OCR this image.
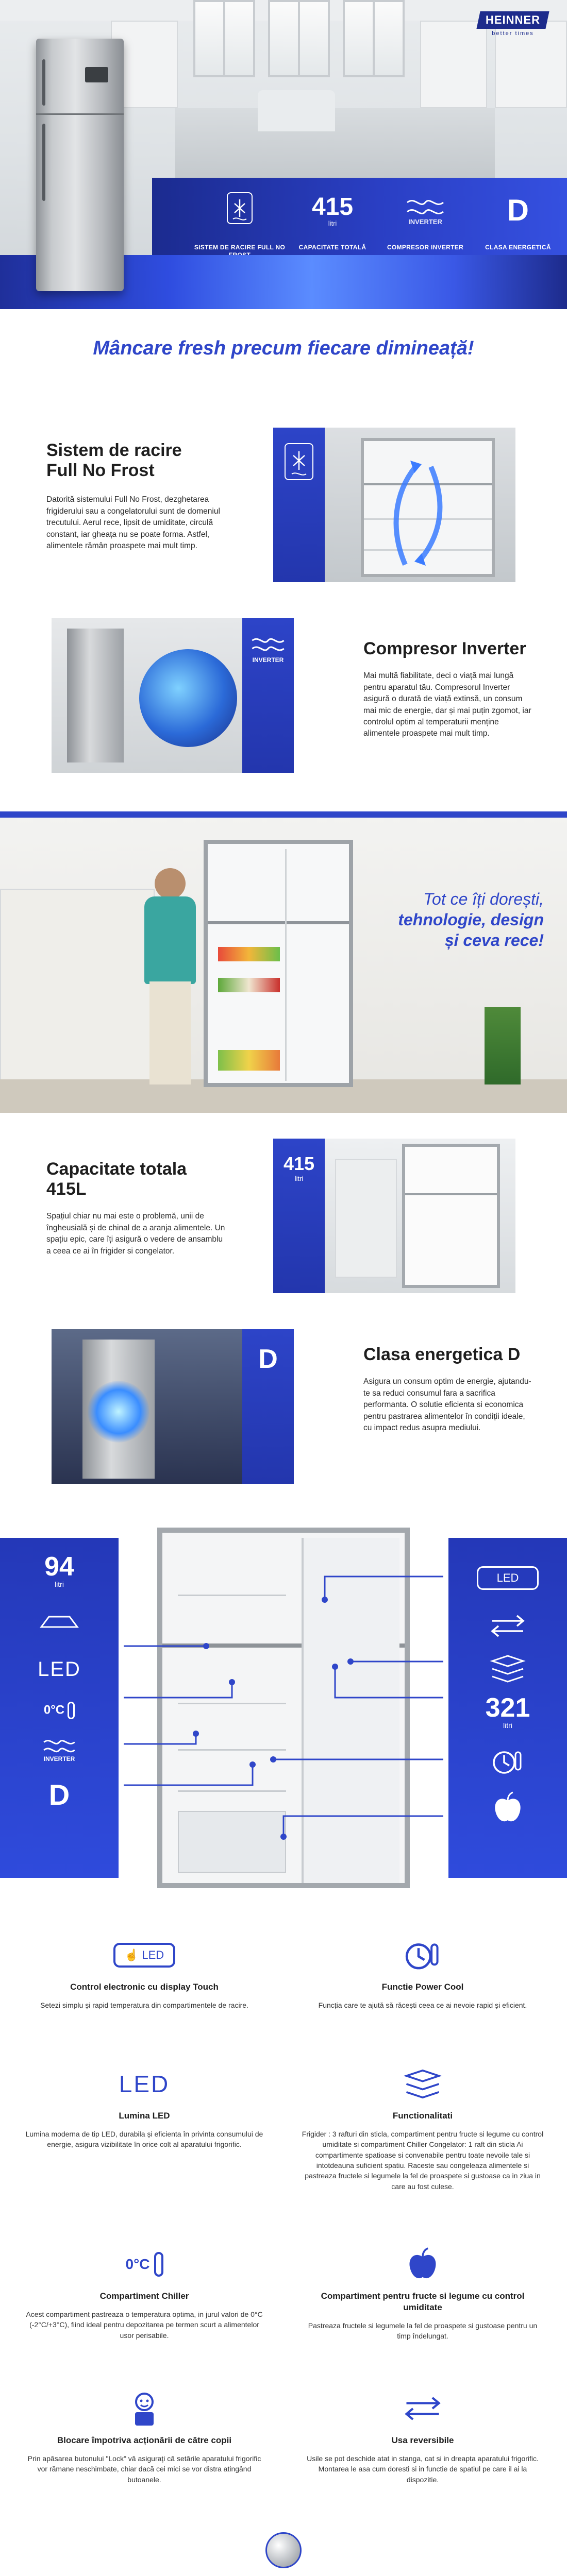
HEINNER
better times
SISTEM DE RACIRE FULL NO
415
litri
CAPACITATE TOTALĂ
INVERTER
COMPRESOR INVERTER
D
CLASA ENERGETICĂ
Mâncare fresh precum fiecare dimineață!
Sistem de racire
Full No Frost
Datorită sistemului Full No Frost, dezghetarea frigiderului sau a congelatorului sunt de domeniul trecutului. Aerul rece, lipsit de umiditate, circulă constant, iar gheața nu se poate forma. Astfel, alimentele rămân proaspete mai mult timp.
INVERTER
Compresor Inverter
Mai multă fiabilitate, deci o viață mai lungă pentru aparatul tău. Compresorul Inverter asigură o durată de viață extinsă, un consum mai mic de energie, dar și mai puțin zgomot, iar controlul optim al temperaturii menține alimentele proaspete mai mult timp.
Tot ce îți dorești,
tehnologie, design
și ceva rece!
Capacitate totala
415L
Spațiul chiar nu mai este o problemă, unii de îngheusială și de chinal de a aranja alimentele. Un spațiu epic, care îți asigură o vedere de ansamblu a ceea ce ai în frigider si congelator.
415
litri
D	Clasa energetica D
Asigura un consum optim de energie, ajutandu-te sa reduci consumul fara a sacrifica performanta. O solutie eficienta si economica pentru pastrarea alimentelor în condiții ideale, cu impact redus asupra mediului.
94
litri
LED
0°C
INVERTER
D
LED
321
litri
☝ LED
Control electronic cu display Touch
Setezi simplu și rapid temperatura din compartimentele de racire.
Functie Power Cool
Funcția care te ajută să răcești ceea ce ai nevoie rapid și eficient.
LED
Lumina LED
Lumina moderna de tip LED, durabila și eficienta în privinta consumului de energie, asigura vizibilitate în orice colt al aparatului frigorific.
Functionalitati
Frigider : 3 rafturi din sticla, compartiment pentru fructe si legume cu control umiditate si compartiment Chiller Congelator: 1 raft din sticla Ai compartimente spatioase si convenabile pentru toate nevoile tale si intotdeauna suficient spatiu. Raceste sau congeleaza alimentele si pastreaza fructele si legumele la fel de proaspete si gustoase ca in ziua in care au fost culese.
0°C
Compartiment Chiller
Acest compartiment pastreaza o temperatura optima, in jurul valori de 0°C (-2°C/+3°C), fiind ideal pentru depozitarea pe termen scurt a alimentelor usor perisabile.
Compartiment pentru fructe si legume cu control umiditate
Pastreaza fructele si legumele la fel de proaspete si gustoase pentru un timp îndelungat.
Blocare împotriva acționării de către copii
Prin apăsarea butonului "Lock" vă asigurați că setările aparatului frigorific vor rămane neschimbate, chiar dacă cei mici se vor distra atingând butoanele.
Usa reversibile
Usile se pot deschide atat in stanga, cat si in dreapta aparatului frigorific. Montarea le asa cum doresti si in functie de spatiul pe care il ai la dispozitie.
